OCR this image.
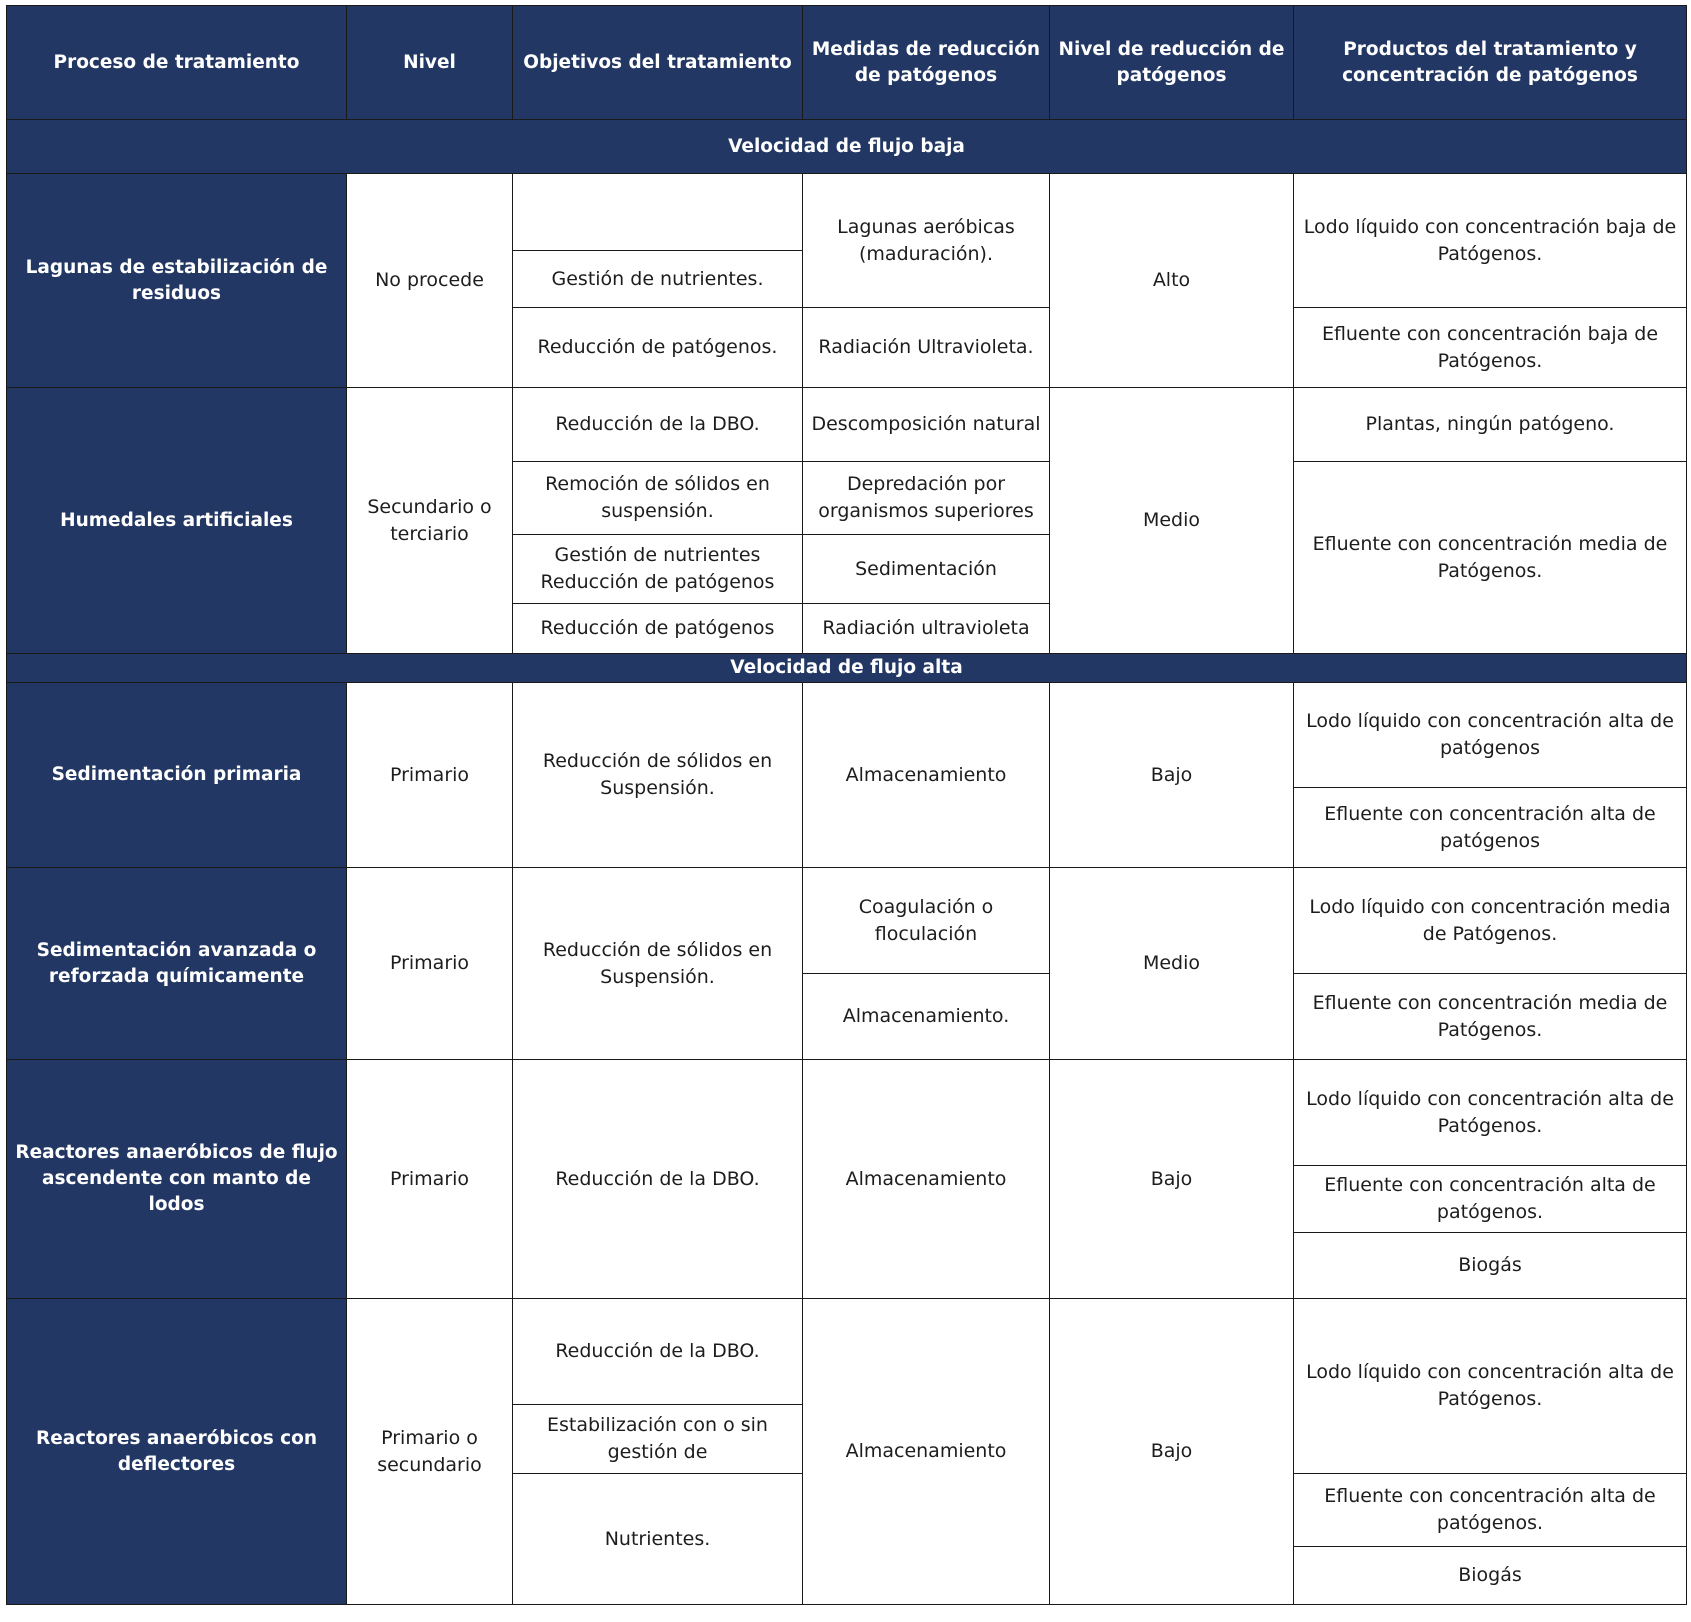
Proceso de tratamiento	Nivel	Objetivos del tratamiento	Medidas de reducción de patógenos	Nivel de reducción de patógenos	Productos del tratamiento y concentración de patógenos
Velocidad de flujo baja					
Lagunas de estabilización de residuos	No procede		Lagunas aeróbicas (maduración).	Alto	Lodo líquido con concentración baja de Patógenos.
		Gestión de nutrientes.			
		Reducción de patógenos.	Radiación Ultravioleta.		Efluente con concentración baja de Patógenos.

Humedales artificiales	Secundario o terciario	Reducción de la DBO.	Descomposición natural	Medio	Plantas, ningún patógeno.
		Remoción de sólidos en suspensión.	Depredación por organismos superiores		Efluente con concentración media de Patógenos.
		Gestión de nutrientes Reducción de patógenos	Sedimentación		
		Reducción de patógenos	Radiación ultravioleta		
Velocidad de flujo alta					
Sedimentación primaria	Primario	Reducción de sólidos en Suspensión.	Almacenamiento	Bajo	Lodo líquido con concentración alta de patógenos
					Efluente con concentración alta de patógenos
Sedimentación avanzada o reforzada químicamente	Primario	Reducción de sólidos en Suspensión.	Coagulación o floculación	Medio	Lodo líquido con concentración media de Patógenos.
			Almacenamiento.		Efluente con concentración media de Patógenos.
Reactores anaeróbicos de flujo ascendente con manto de lodos	Primario	Reducción de la DBO.	Almacenamiento	Bajo	Lodo líquido con concentración alta de Patógenos.
					Efluente con concentración alta de patógenos.
					Biogás
Reactores anaeróbicos con deflectores	Primario o secundario	Reducción de la DBO.	Almacenamiento	Bajo	Lodo líquido con concentración alta de Patógenos.
		Estabilización con o sin gestión de			
		Nutrientes.			Efluente con concentración alta de patógenos.
					Biogás
